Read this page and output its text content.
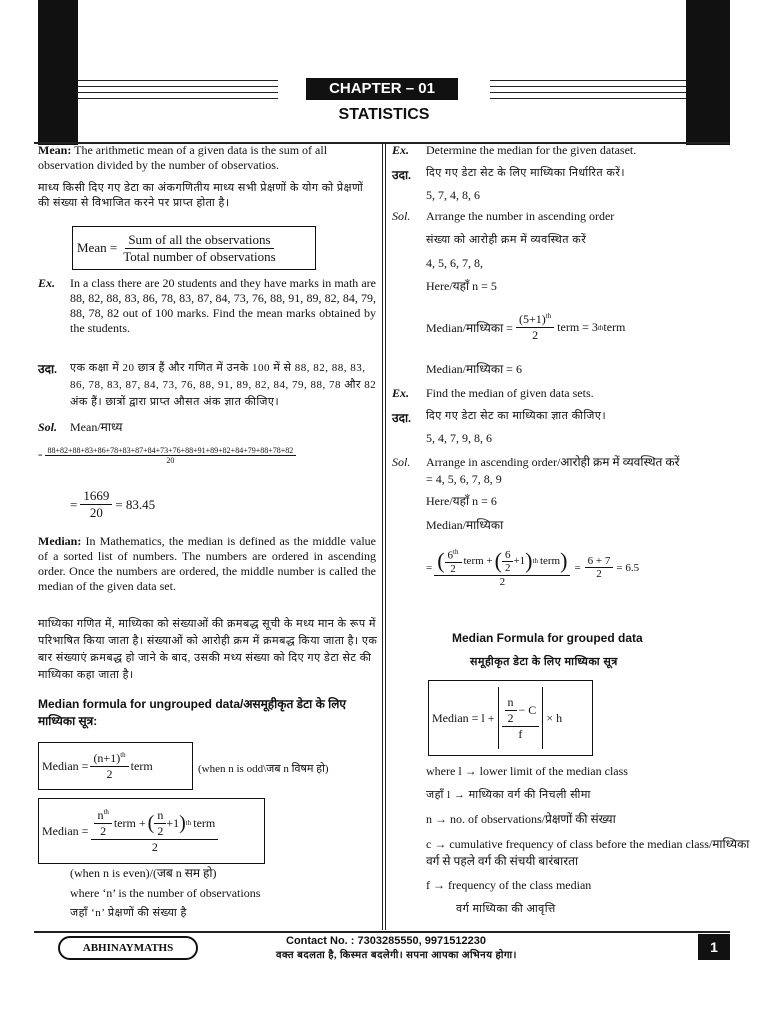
CHAPTER – 01
STATISTICS
Mean: The arithmetic mean of a given data is the sum of all observation divided by the number of observatios.
माध्य किसी दिए गए डेटा का अंकगणितीय माध्य सभी प्रेक्षणों के योग को प्रेक्षणों की संख्या से विभाजित करने पर प्राप्त होता है।
Mean = $\frac{\text{Sum of all the observations}}{\text{Total number of observations}}$
Ex. In a class there are 20 students and they have marks in math are 88, 82, 88, 83, 86, 78, 83, 87, 84, 73, 76, 88, 91, 89, 82, 84, 79, 88, 78, 82 out of 100 marks. Find the mean marks obtained by the students.
उदा. एक कक्षा में 20 छात्र हैं और गणित में उनके 100 में से 88, 82, 88, 83, 86, 78, 83, 87, 84, 73, 76, 88, 91, 89, 82, 84, 79, 88, 78 और 82 अंक हैं। छात्रों द्वारा प्राप्त औसत अंक ज्ञात कीजिए।
Sol. Mean/माध्य
= $\frac{88+82+88+83+86+78+83+87+84+73+76+88+91+89+82+84+79+88+78+82}{20}$
= $\frac{1669}{20} = 83.45$
Median: In Mathematics, the median is defined as the middle value of a sorted list of numbers. The numbers are ordered in ascending order. Once the numbers are ordered, the middle number is called the median of the given data set.
माध्यिका गणित में, माध्यिका को संख्याओं की क्रमबद्ध सूची के मध्य मान के रूप में परिभाषित किया जाता है। संख्याओं को आरोही क्रम में क्रमबद्ध किया जाता है। एक बार संख्याएं क्रमबद्ध हो जाने के बाद, उसकी मध्य संख्या को दिए गए डेटा सेट की माध्यिका कहा जाता है।
Median formula for ungrouped data/असमूहीकृत डेटा के लिए माध्यिका सूत्र:
Median = $\frac{(n+1)^{th}}{2}$ term	(when n is odd\जब n विषम हो)
Median = $\frac{n^{th}}{2}$ term + ( $\frac{n}{2} +1$ ) th term
2
(when n is even)/(जब n सम हो)
where ‘n’ is the number of observations
जहाँ ‘n’ प्रेक्षणों की संख्या है
Ex. Determine the median for the given dataset.
उदा. दिए गए डेटा सेट के लिए माध्यिका निर्धारित करें।
5, 7, 4, 8, 6
Sol. Arrange the number in ascending order
संख्या को आरोही क्रम में व्यवस्थित करें
4, 5, 6, 7, 8,
Here/यहाँ n = 5
Median/माध्यिका = $\frac{(5+1)^{th}}{2}$ term = 3 th term
Median/माध्यिका = 6
Ex. Find the median of given data sets.
उदा. दिए गए डेटा सेट का माध्यिका ज्ञात कीजिए।
5, 4, 7, 9, 8, 6
Sol. Arrange in ascending order/आरोही क्रम में व्यवस्थित करें
= 4, 5, 6, 7, 8, 9
Here/यहाँ n = 6
Median/माध्यिका
= ( $\frac{6^{th}}{2}$ term + ( $\frac{6}{2} +1$ ) th term )
2
= $\frac{6 + 7}{2} = 6.5$
Median Formula for grouped data
समूहीकृत डेटा के लिए माध्यिका सूत्र
Median = $l + \frac{\frac{n}{2} - C}{f} \times h$
where l → lower limit of the median class
जहाँ l → माध्यिका वर्ग की निचली सीमा
n → no. of observations/प्रेक्षणों की संख्या
c → cumulative frequency of class before the median class/माध्यिका वर्ग से पहले वर्ग की संचयी बारंबारता
f → frequency of the class median
वर्ग माध्यिका की आवृत्ति
ABHINAYMATHS
Contact No. : 7303285550, 9971512230
वक्त बदलता है, किस्मत बदलेगी। सपना आपका अभिनय होगा।
1
